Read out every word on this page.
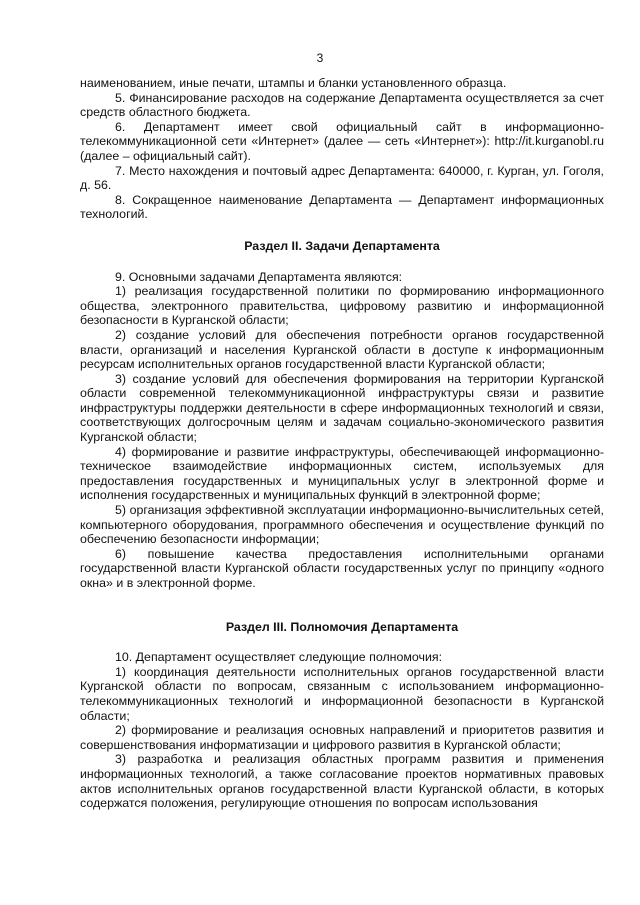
3

наименованием, иные печати, штампы и бланки установленного образца.

5. Финансирование расходов на содержание Департамента осуществляется за счет средств областного бюджета.

6. Департамент имеет свой официальный сайт в информационно-телекоммуникационной сети «Интернет» (далее — сеть «Интернет»): http://it.kurganobl.ru (далее – официальный сайт).

7. Место нахождения и почтовый адрес Департамента: 640000, г. Курган, ул. Гоголя, д. 56.

8. Сокращенное наименование Департамента — Департамент информационных технологий.

Раздел II. Задачи Департамента

9. Основными задачами Департамента являются:

1) реализация государственной политики по формированию информационного общества, электронного правительства, цифровому развитию и информационной безопасности в Курганской области;

2) создание условий для обеспечения потребности органов государственной власти, организаций и населения Курганской области в доступе к информационным ресурсам исполнительных органов государственной власти Курганской области;

3) создание условий для обеспечения формирования на территории Курганской области современной телекоммуникационной инфраструктуры связи и развитие инфраструктуры поддержки деятельности в сфере информационных технологий и связи, соответствующих долгосрочным целям и задачам социально-экономического развития Курганской области;

4) формирование и развитие инфраструктуры, обеспечивающей информационно-техническое взаимодействие информационных систем, используемых для предоставления государственных и муниципальных услуг в электронной форме и исполнения государственных и муниципальных функций в электронной форме;

5) организация эффективной эксплуатации информационно-вычислительных сетей, компьютерного оборудования, программного обеспечения и осуществление функций по обеспечению безопасности информации;

6) повышение качества предоставления исполнительными органами государственной власти Курганской области государственных услуг по принципу «одного окна» и в электронной форме.

Раздел III. Полномочия Департамента

10. Департамент осуществляет следующие полномочия:

1) координация деятельности исполнительных органов государственной власти Курганской области по вопросам, связанным с использованием информационно-телекоммуникационных технологий и информационной безопасности в Курганской области;

2) формирование и реализация основных направлений и приоритетов развития и совершенствования информатизации и цифрового развития в Курганской области;

3) разработка и реализация областных программ развития и применения информационных технологий, а также согласование проектов нормативных правовых актов исполнительных органов государственной власти Курганской области, в которых содержатся положения, регулирующие отношения по вопросам использования
